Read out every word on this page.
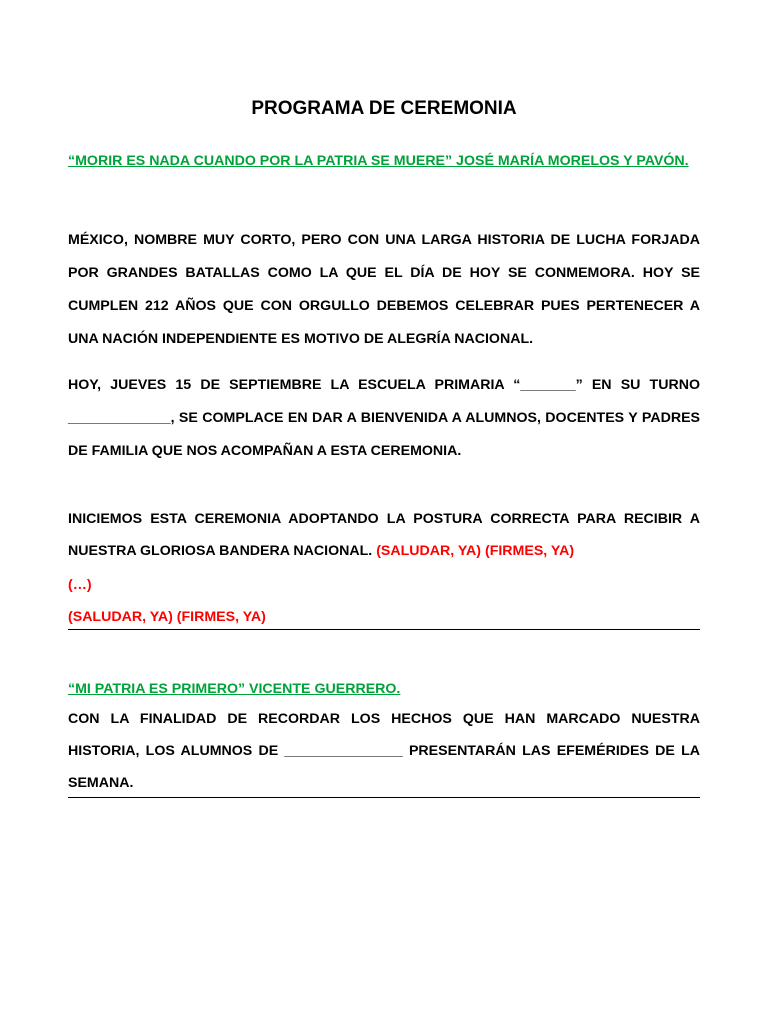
PROGRAMA DE CEREMONIA
“MORIR ES NADA CUANDO POR LA PATRIA SE MUERE” JOSÉ MARÍA MORELOS Y PAVÓN.
MÉXICO, NOMBRE MUY CORTO, PERO CON UNA LARGA HISTORIA DE LUCHA FORJADA POR GRANDES BATALLAS COMO LA QUE EL DÍA DE HOY SE CONMEMORA. HOY SE CUMPLEN 212 AÑOS QUE CON ORGULLO DEBEMOS CELEBRAR PUES PERTENECER A UNA NACIÓN INDEPENDIENTE ES MOTIVO DE ALEGRÍA NACIONAL.
HOY, JUEVES 15 DE SEPTIEMBRE LA ESCUELA PRIMARIA “_______” EN SU TURNO _____________, SE COMPLACE EN DAR A BIENVENIDA A ALUMNOS, DOCENTES Y PADRES DE FAMILIA QUE NOS ACOMPAÑAN A ESTA CEREMONIA.
INICIEMOS ESTA CEREMONIA ADOPTANDO LA POSTURA CORRECTA PARA RECIBIR A NUESTRA GLORIOSA BANDERA NACIONAL. (SALUDAR, YA) (FIRMES, YA)
(…)
(SALUDAR, YA) (FIRMES, YA)
“MI PATRIA ES PRIMERO” VICENTE GUERRERO.
CON LA FINALIDAD DE RECORDAR LOS HECHOS QUE HAN MARCADO NUESTRA HISTORIA, LOS ALUMNOS DE _______________ PRESENTARÁN LAS EFEMÉRIDES DE LA SEMANA.
